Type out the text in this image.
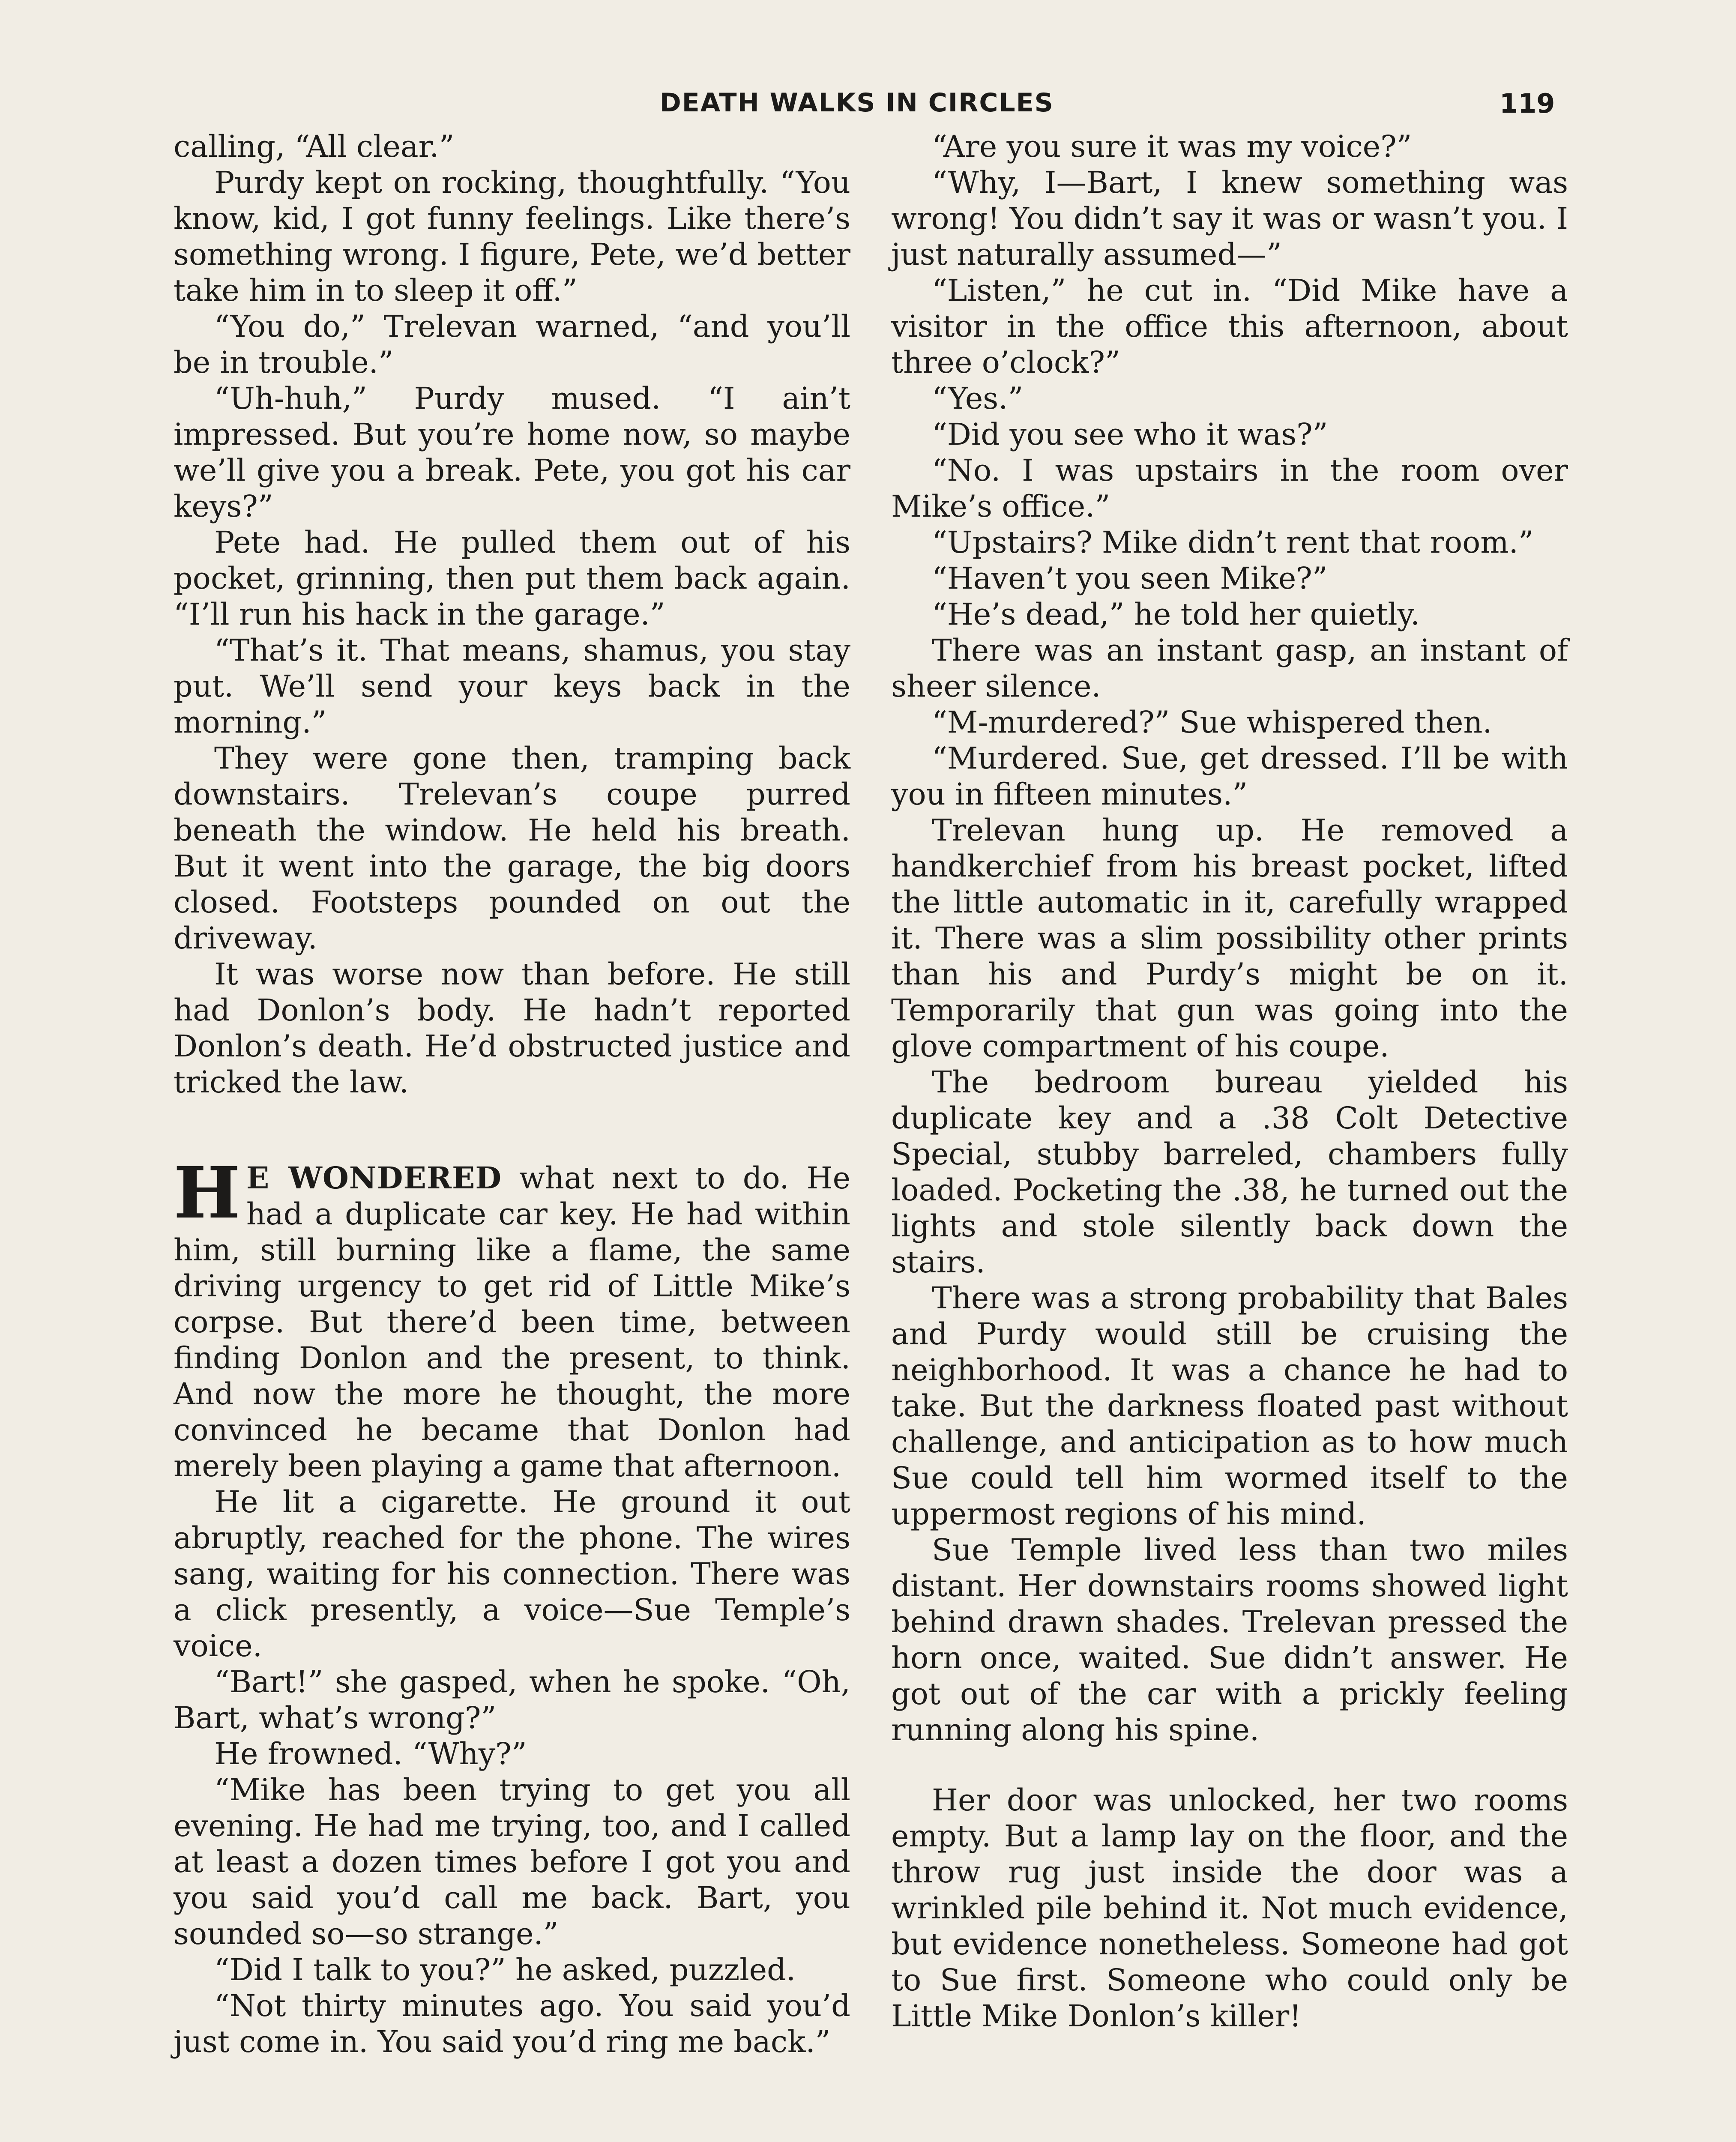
DEATH WALKS IN CIRCLES	119

calling, “All clear.”

Purdy kept on rocking, thoughtfully. “You know, kid, I got funny feelings. Like there’s something wrong. I figure, Pete, we’d better take him in to sleep it off.”

“You do,” Trelevan warned, “and you’ll be in trouble.”

“Uh-huh,” Purdy mused. “I ain’t impressed. But you’re home now, so maybe we’ll give you a break. Pete, you got his car keys?”

Pete had. He pulled them out of his pocket, grinning, then put them back again. “I’ll run his hack in the garage.”

“That’s it. That means, shamus, you stay put. We’ll send your keys back in the morning.”

They were gone then, tramping back downstairs. Trelevan’s coupe purred beneath the window. He held his breath. But it went into the garage, the big doors closed. Footsteps pounded on out the driveway.

It was worse now than before. He still had Donlon’s body. He hadn’t reported Donlon’s death. He’d obstructed justice and tricked the law.

H E WONDERED what next to do. He had a duplicate car key. He had within him, still burning like a flame, the same driving urgency to get rid of Little Mike’s corpse. But there’d been time, between finding Donlon and the present, to think. And now the more he thought, the more convinced he became that Donlon had merely been playing a game that afternoon.

He lit a cigarette. He ground it out abruptly, reached for the phone. The wires sang, waiting for his connection. There was a click presently, a voice—Sue Temple’s voice.

“Bart!” she gasped, when he spoke. “Oh, Bart, what’s wrong?”

He frowned. “Why?”

“Mike has been trying to get you all evening. He had me trying, too, and I called at least a dozen times before I got you and you said you’d call me back. Bart, you sounded so—so strange.”

“Did I talk to you?” he asked, puzzled.

“Not thirty minutes ago. You said you’d just come in. You said you’d ring me back.”

“Are you sure it was my voice?”

“Why, I—Bart, I knew something was wrong! You didn’t say it was or wasn’t you. I just naturally assumed—”

“Listen,” he cut in. “Did Mike have a visitor in the office this afternoon, about three o’clock?”

“Yes.”

“Did you see who it was?”

“No. I was upstairs in the room over Mike’s office.”

“Upstairs? Mike didn’t rent that room.”

“Haven’t you seen Mike?”

“He’s dead,” he told her quietly.

There was an instant gasp, an instant of sheer silence.

“M-murdered?” Sue whispered then.

“Murdered. Sue, get dressed. I’ll be with you in fifteen minutes.”

Trelevan hung up. He removed a handkerchief from his breast pocket, lifted the little automatic in it, carefully wrapped it. There was a slim possibility other prints than his and Purdy’s might be on it. Temporarily that gun was going into the glove compartment of his coupe.

The bedroom bureau yielded his duplicate key and a .38 Colt Detective Special, stubby barreled, chambers fully loaded. Pocketing the .38, he turned out the lights and stole silently back down the stairs.

There was a strong probability that Bales and Purdy would still be cruising the neighborhood. It was a chance he had to take. But the darkness floated past without challenge, and anticipation as to how much Sue could tell him wormed itself to the uppermost regions of his mind.

Sue Temple lived less than two miles distant. Her downstairs rooms showed light behind drawn shades. Trelevan pressed the horn once, waited. Sue didn’t answer. He got out of the car with a prickly feeling running along his spine.

Her door was unlocked, her two rooms empty. But a lamp lay on the floor, and the throw rug just inside the door was a wrinkled pile behind it. Not much evidence, but evidence nonetheless. Someone had got to Sue first. Someone who could only be Little Mike Donlon’s killer!
